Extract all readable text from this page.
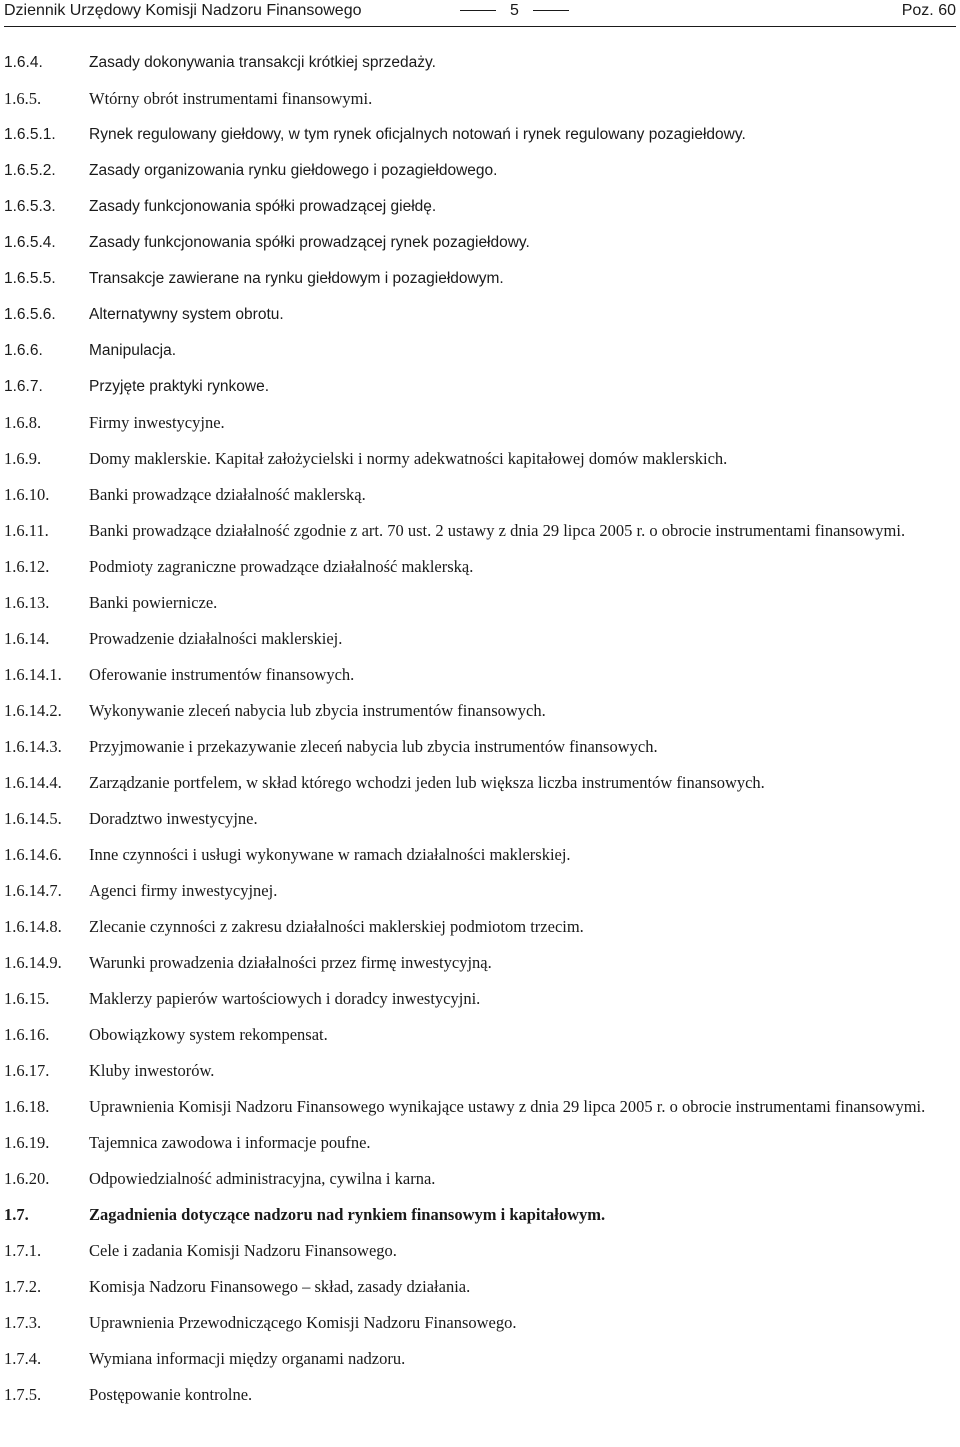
Dziennik Urzędowy Komisji Nadzoru Finansowego	5	Poz. 60
1.6.4.	Zasady dokonywania transakcji krótkiej sprzedaży.
1.6.5.	Wtórny obrót instrumentami finansowymi.
1.6.5.1. Rynek regulowany giełdowy, w tym rynek oficjalnych notowań i rynek regulowany pozagiełdowy.
1.6.5.2. Zasady organizowania rynku giełdowego i pozagiełdowego.
1.6.5.3. Zasady funkcjonowania spółki prowadzącej giełdę.
1.6.5.4. Zasady funkcjonowania spółki prowadzącej rynek pozagiełdowy.
1.6.5.5. Transakcje zawierane na rynku giełdowym i pozagiełdowym.
1.6.5.6. Alternatywny system obrotu.
1.6.6.	Manipulacja.
1.6.7.	Przyjęte praktyki rynkowe.
1.6.8.	Firmy inwestycyjne.
1.6.9.	Domy maklerskie. Kapitał założycielski i normy adekwatności kapitałowej domów maklerskich.
1.6.10. Banki prowadzące działalność maklerską.
1.6.11. Banki prowadzące działalność zgodnie z art. 70 ust. 2 ustawy z dnia 29 lipca 2005 r. o obrocie instrumentami finansowymi.
1.6.12. Podmioty zagraniczne prowadzące działalność maklerską.
1.6.13. Banki powiernicze.
1.6.14. Prowadzenie działalności maklerskiej.
1.6.14.1. Oferowanie instrumentów finansowych.
1.6.14.2. Wykonywanie zleceń nabycia lub zbycia instrumentów finansowych.
1.6.14.3. Przyjmowanie i przekazywanie zleceń nabycia lub zbycia instrumentów finansowych.
1.6.14.4. Zarządzanie portfelem, w skład którego wchodzi jeden lub większa liczba instrumentów finansowych.
1.6.14.5. Doradztwo inwestycyjne.
1.6.14.6. Inne czynności i usługi wykonywane w ramach działalności maklerskiej.
1.6.14.7. Agenci firmy inwestycyjnej.
1.6.14.8. Zlecanie czynności z zakresu działalności maklerskiej podmiotom trzecim.
1.6.14.9. Warunki prowadzenia działalności przez firmę inwestycyjną.
1.6.15. Maklerzy papierów wartościowych i doradcy inwestycyjni.
1.6.16. Obowiązkowy system rekompensat.
1.6.17. Kluby inwestorów.
1.6.18. Uprawnienia Komisji Nadzoru Finansowego wynikające ustawy z dnia 29 lipca 2005 r. o obrocie instrumentami finansowymi.
1.6.19. Tajemnica zawodowa i informacje poufne.
1.6.20. Odpowiedzialność administracyjna, cywilna i karna.
1.7.	Zagadnienia dotyczące nadzoru nad rynkiem finansowym i kapitałowym.
1.7.1.	Cele i zadania Komisji Nadzoru Finansowego.
1.7.2.	Komisja Nadzoru Finansowego – skład, zasady działania.
1.7.3.	Uprawnienia Przewodniczącego Komisji Nadzoru Finansowego.
1.7.4.	Wymiana informacji między organami nadzoru.
1.7.5.	Postępowanie kontrolne.
